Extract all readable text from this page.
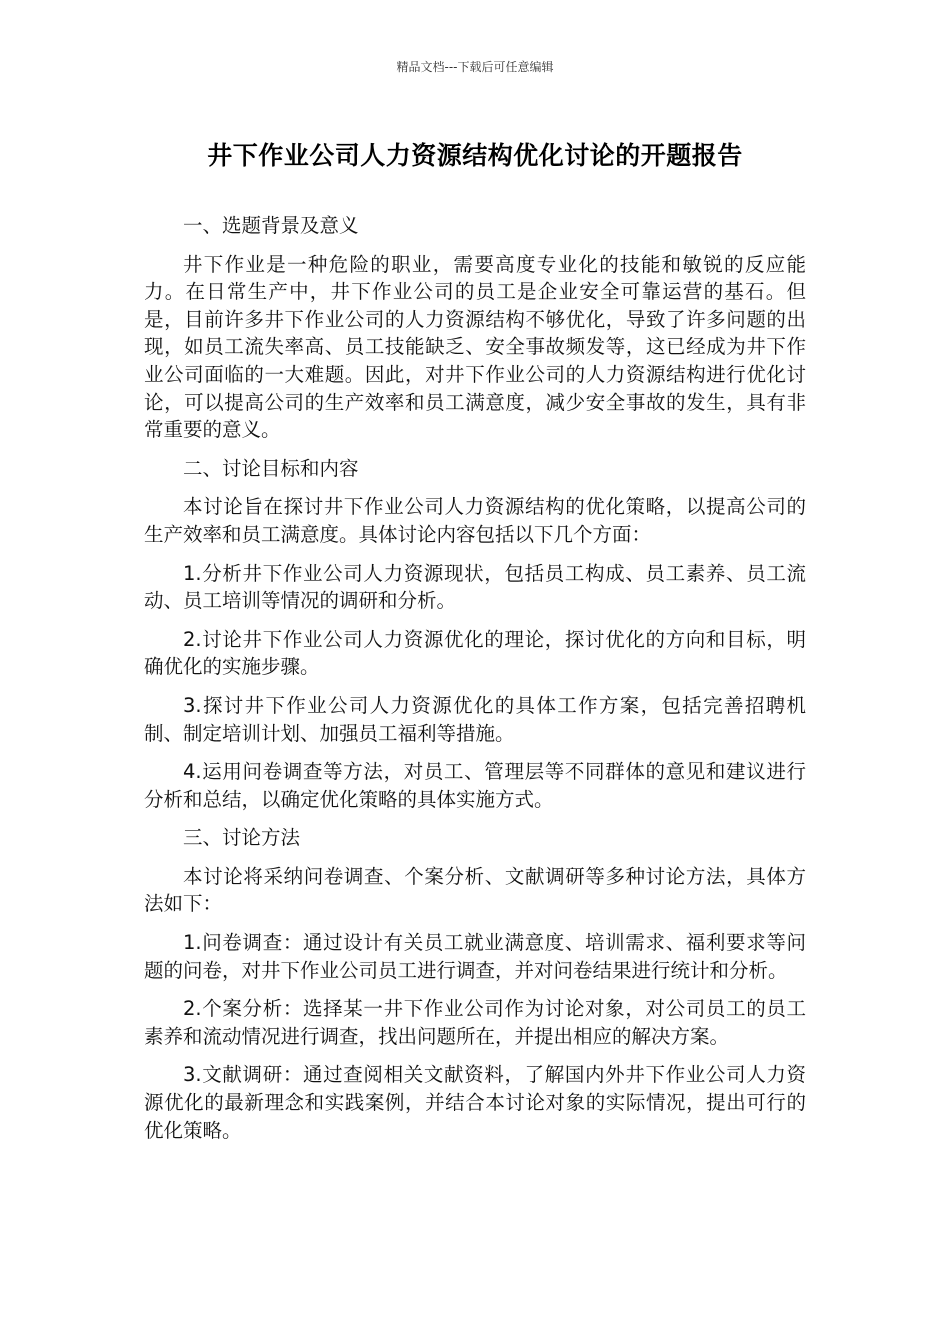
精品文档---下载后可任意编辑
井下作业公司人力资源结构优化讨论的开题报告

一、选题背景及意义

井下作业是一种危险的职业，需要高度专业化的技能和敏锐的反应能力。在日常生产中，井下作业公司的员工是企业安全可靠运营的基石。但是，目前许多井下作业公司的人力资源结构不够优化，导致了许多问题的出现，如员工流失率高、员工技能缺乏、安全事故频发等，这已经成为井下作业公司面临的一大难题。因此，对井下作业公司的人力资源结构进行优化讨论，可以提高公司的生产效率和员工满意度，减少安全事故的发生，具有非常重要的意义。

二、讨论目标和内容

本讨论旨在探讨井下作业公司人力资源结构的优化策略，以提高公司的生产效率和员工满意度。具体讨论内容包括以下几个方面：

1.分析井下作业公司人力资源现状，包括员工构成、员工素养、员工流动、员工培训等情况的调研和分析。

2.讨论井下作业公司人力资源优化的理论，探讨优化的方向和目标，明确优化的实施步骤。

3.探讨井下作业公司人力资源优化的具体工作方案，包括完善招聘机制、制定培训计划、加强员工福利等措施。

4.运用问卷调查等方法，对员工、管理层等不同群体的意见和建议进行分析和总结，以确定优化策略的具体实施方式。

三、讨论方法

本讨论将采纳问卷调查、个案分析、文献调研等多种讨论方法，具体方法如下：

1.问卷调查：通过设计有关员工就业满意度、培训需求、福利要求等问题的问卷，对井下作业公司员工进行调查，并对问卷结果进行统计和分析。

2.个案分析：选择某一井下作业公司作为讨论对象，对公司员工的员工素养和流动情况进行调查，找出问题所在，并提出相应的解决方案。

3.文献调研：通过查阅相关文献资料，了解国内外井下作业公司人力资源优化的最新理念和实践案例，并结合本讨论对象的实际情况，提出可行的优化策略。
